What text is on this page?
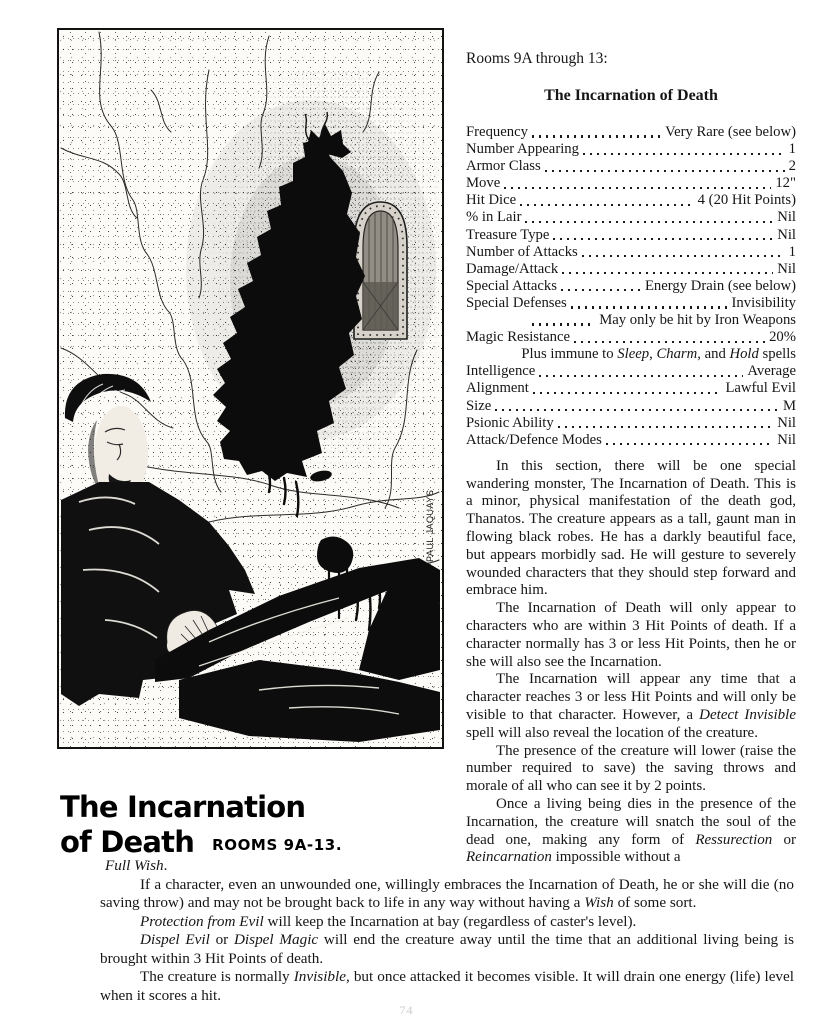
PAUL JAQUAYS
The Incarnation
of Death ROOMS 9A-13.

Rooms 9A through 13:

The Incarnation of Death

Frequency	Very Rare (see below)
Number Appearing	1
Armor Class	2
Move	12"
Hit Dice	4 (20 Hit Points)
% in Lair	Nil
Treasure Type	Nil
Number of Attacks	1
Damage/Attack	Nil
Special Attacks	Energy Drain (see below)
Special Defenses	Invisibility
May only be hit by Iron Weapons
Magic Resistance	20%
Plus immune to Sleep, Charm, and Hold spells
Intelligence	Average
Alignment	Lawful Evil
Size	M
Psionic Ability	Nil
Attack/Defence Modes	Nil

In this section, there will be one special wandering monster, The Incarnation of Death. This is a minor, physical manifestation of the death god, Thanatos. The creature appears as a tall, gaunt man in flowing black robes. He has a darkly beautiful face, but appears morbidly sad. He will gesture to severely wounded characters that they should step forward and embrace him.

The Incarnation of Death will only appear to characters who are within 3 Hit Points of death. If a character normally has 3 or less Hit Points, then he or she will also see the Incarnation.

The Incarnation will appear any time that a character reaches 3 or less Hit Points and will only be visible to that character. However, a Detect Invisible spell will also reveal the location of the creature.

The presence of the creature will lower (raise the number required to save) the saving throws and morale of all who can see it by 2 points.

Once a living being dies in the presence of the Incarnation, the creature will snatch the soul of the dead one, making any form of Ressurection or Reincarnation impossible without a

Full Wish.

If a character, even an unwounded one, willingly embraces the Incarnation of Death, he or she will die (no saving throw) and may not be brought back to life in any way without having a Wish of some sort.

Protection from Evil will keep the Incarnation at bay (regardless of caster's level).

Dispel Evil or Dispel Magic will end the creature away until the time that an additional living being is brought within 3 Hit Points of death.

The creature is normally Invisible, but once attacked it becomes visible. It will drain one energy (life) level when it scores a hit.

74
